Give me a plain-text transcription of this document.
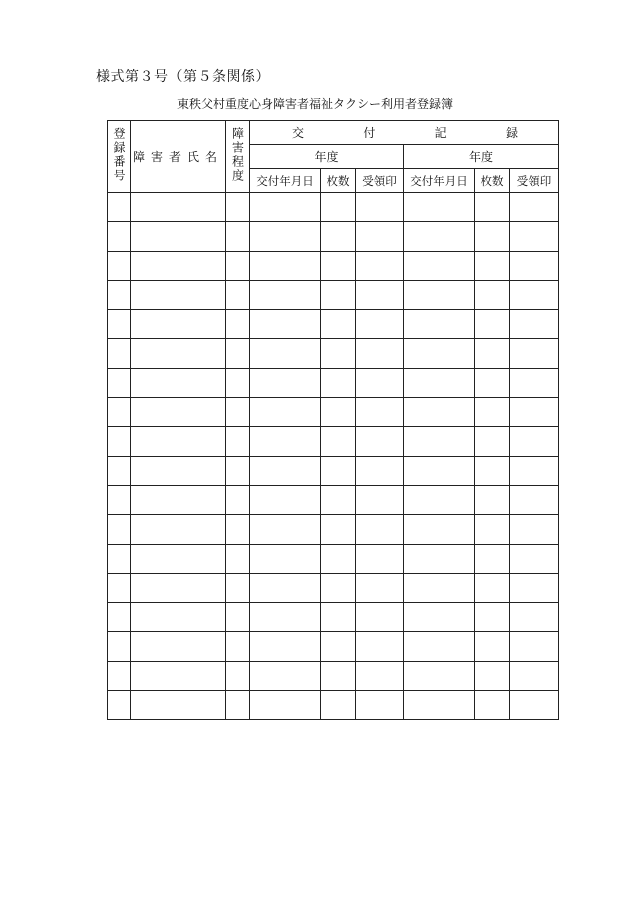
様式第３号（第５条関係）
東秩父村重度心身障害者福祉タクシー利用者登録簿
登録番号	障害者氏名	障害程度	交 付 記 録					

			年度			年度		
			交付年月日	枚数	受領印	交付年月日	枚数	受領印
